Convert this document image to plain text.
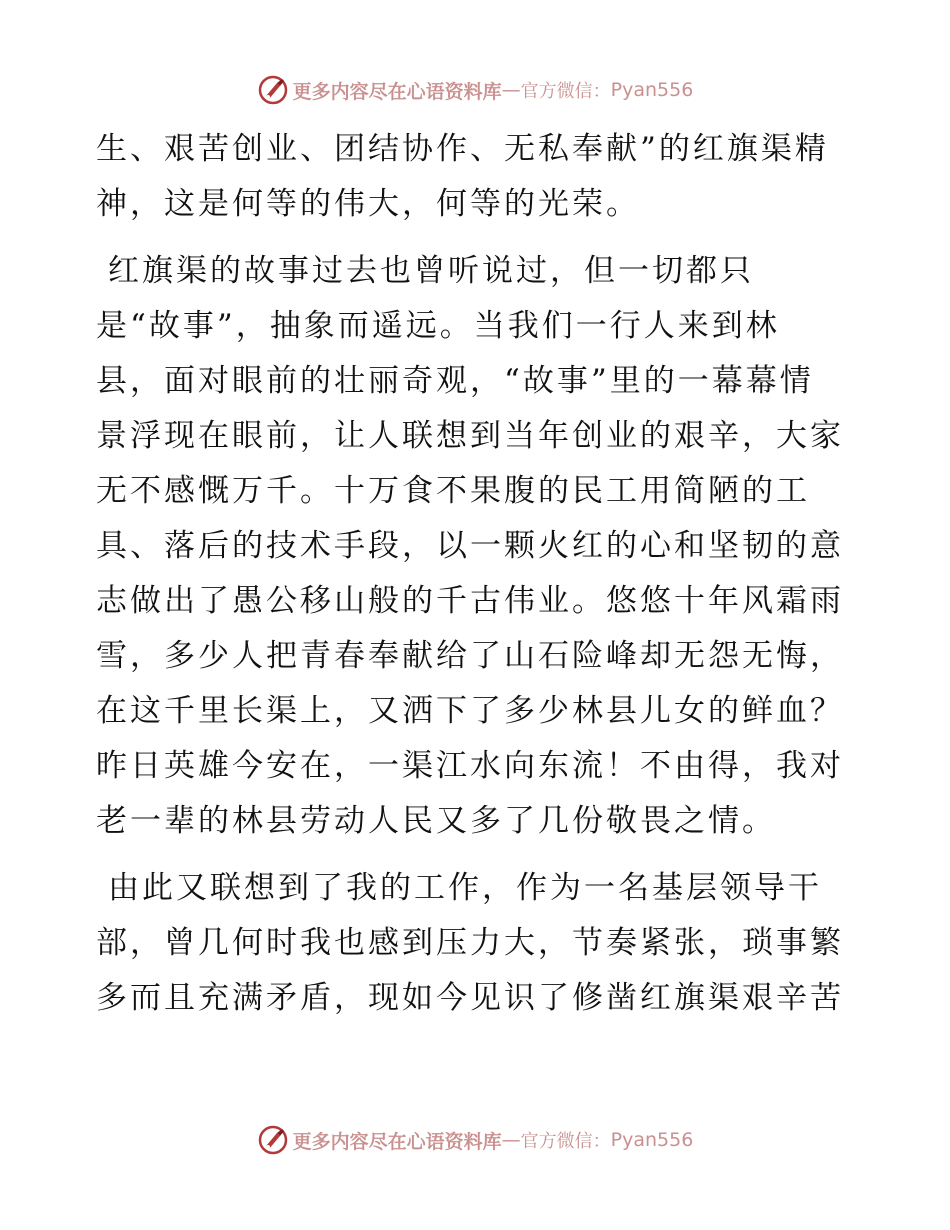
更多内容尽在心语资料库 — 官方微信： Pyan556
生、艰苦创业、团结协作、无私奉献”的红旗渠精
神，这是何等的伟大，何等的光荣。
红旗渠的故事过去也曾听说过，但一切都只
是“故事”，抽象而遥远。当我们一行人来到林
县，面对眼前的壮丽奇观，“故事”里的一幕幕情
景浮现在眼前，让人联想到当年创业的艰辛，大家
无不感慨万千。十万食不果腹的民工用简陋的工
具、落后的技术手段，以一颗火红的心和坚韧的意
志做出了愚公移山般的千古伟业。悠悠十年风霜雨
雪，多少人把青春奉献给了山石险峰却无怨无悔，
在这千里长渠上，又洒下了多少林县儿女的鲜血？
昨日英雄今安在，一渠江水向东流！不由得，我对
老一辈的林县劳动人民又多了几份敬畏之情。
由此又联想到了我的工作，作为一名基层领导干
部，曾几何时我也感到压力大，节奏紧张，琐事繁
多而且充满矛盾，现如今见识了修凿红旗渠艰辛苦
更多内容尽在心语资料库 — 官方微信： Pyan556
